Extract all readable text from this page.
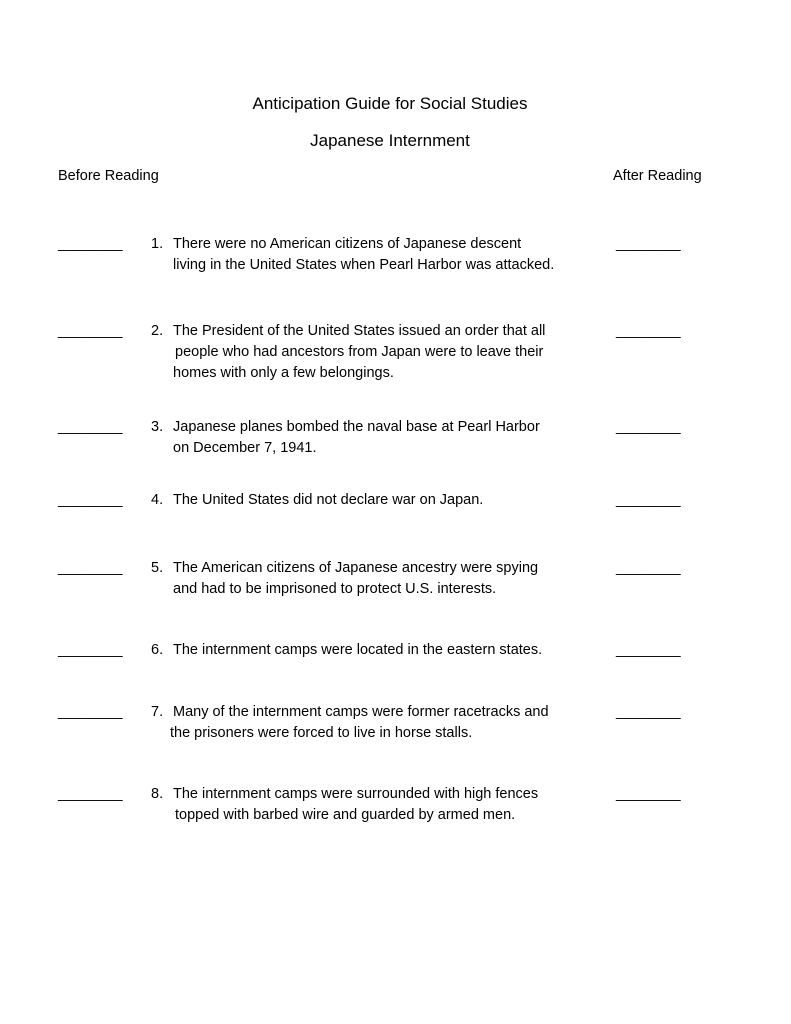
Anticipation Guide for Social Studies
Japanese Internment
Before Reading	After Reading
________ 1. There were no American citizens of Japanese descent
living in the United States when Pearl Harbor was attacked.
________
________ 2. The President of the United States issued an order that all
people who had ancestors from Japan were to leave their
homes with only a few belongings.
________
________ 3. Japanese planes bombed the naval base at Pearl Harbor
on December 7, 1941.
________
________ 4. The United States did not declare war on Japan.	________
________ 5. The American citizens of Japanese ancestry were spying
and had to be imprisoned to protect U.S. interests.
________
________ 6. The internment camps were located in the eastern states.	________
________ 7. Many of the internment camps were former racetracks and
the prisoners were forced to live in horse stalls.
________
________ 8. The internment camps were surrounded with high fences
topped with barbed wire and guarded by armed men.
________
